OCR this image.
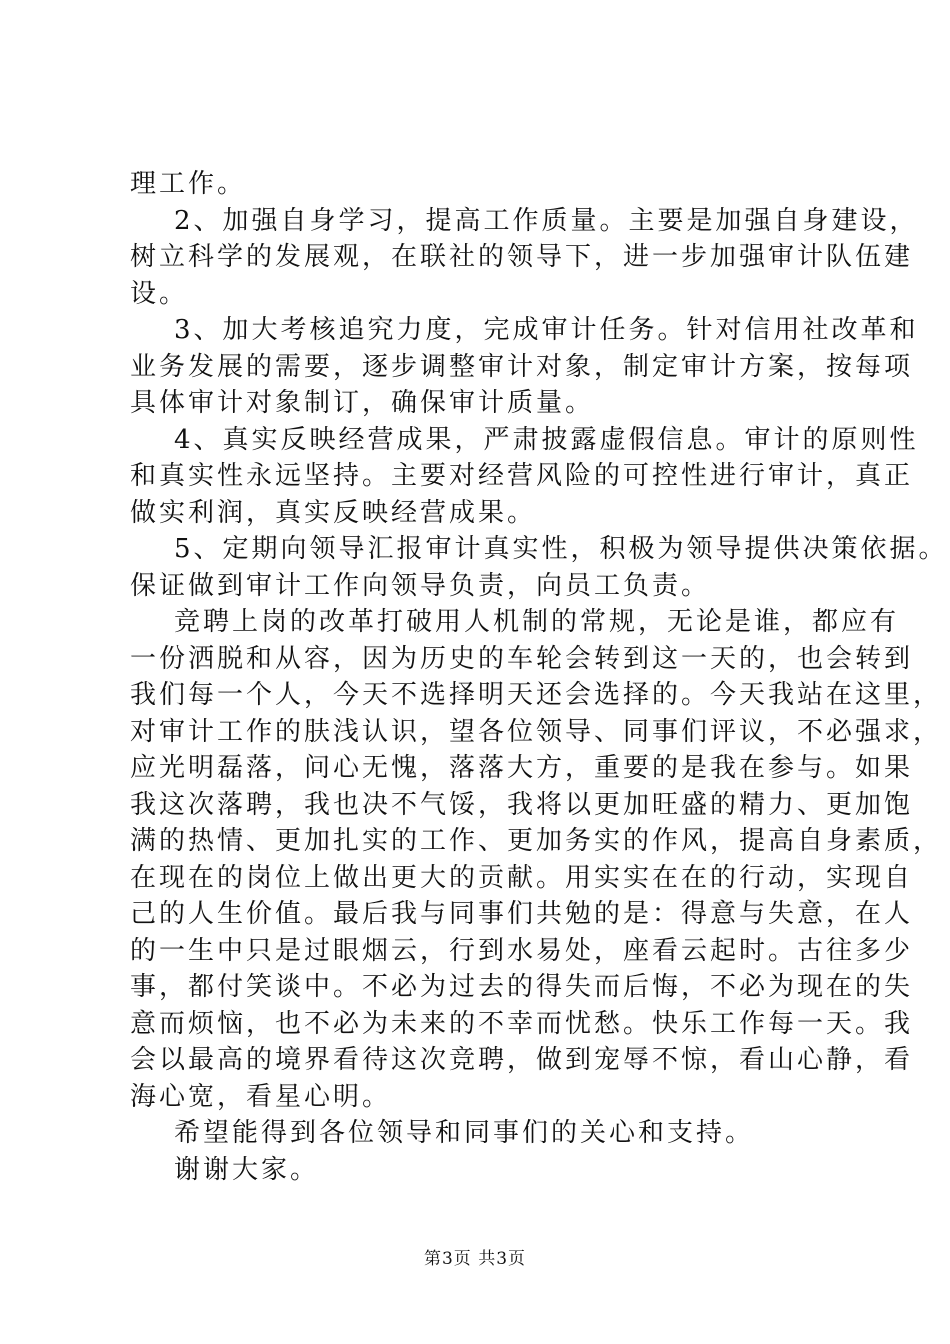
理工作。
2、加强自身学习，提高工作质量。主要是加强自身建设，
树立科学的发展观，在联社的领导下，进一步加强审计队伍建
设。
3、加大考核追究力度，完成审计任务。针对信用社改革和
业务发展的需要，逐步调整审计对象，制定审计方案，按每项
具体审计对象制订，确保审计质量。
4、真实反映经营成果，严肃披露虚假信息。审计的原则性
和真实性永远坚持。主要对经营风险的可控性进行审计，真正
做实利润，真实反映经营成果。
5、定期向领导汇报审计真实性，积极为领导提供决策依据。
保证做到审计工作向领导负责，向员工负责。
竞聘上岗的改革打破用人机制的常规，无论是谁，都应有
一份洒脱和从容，因为历史的车轮会转到这一天的，也会转到
我们每一个人，今天不选择明天还会选择的。今天我站在这里，
对审计工作的肤浅认识，望各位领导、同事们评议，不必强求，
应光明磊落，问心无愧，落落大方，重要的是我在参与。如果
我这次落聘，我也决不气馁，我将以更加旺盛的精力、更加饱
满的热情、更加扎实的工作、更加务实的作风，提高自身素质，
在现在的岗位上做出更大的贡献。用实实在在的行动，实现自
己的人生价值。最后我与同事们共勉的是：得意与失意，在人
的一生中只是过眼烟云，行到水易处，座看云起时。古往多少
事，都付笑谈中。不必为过去的得失而后悔，不必为现在的失
意而烦恼，也不必为未来的不幸而忧愁。快乐工作每一天。我
会以最高的境界看待这次竞聘，做到宠辱不惊，看山心静，看
海心宽，看星心明。
希望能得到各位领导和同事们的关心和支持。
谢谢大家。
第3页 共3页
